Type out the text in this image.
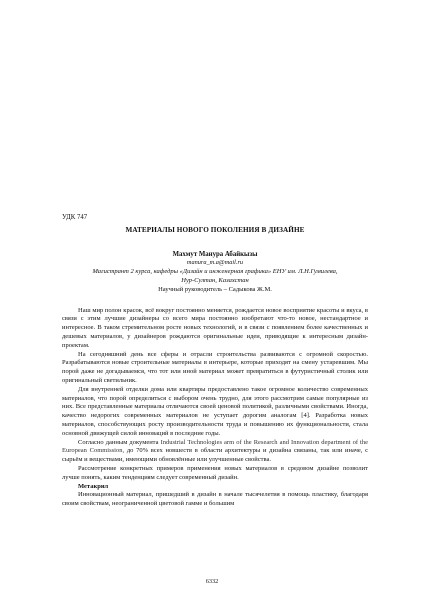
УДК 747

МАТЕРИАЛЫ НОВОГО ПОКОЛЕНИЯ В ДИЗАЙНЕ

Махмут Манура Абайкызы

manura_m.a@mail.ru

Магистрант 2 курса, кафедры «Дизайн и инженерная графика» ЕНУ им. Л.Н.Гумилева,

Нур-Султан, Казахстан

Научный руководитель – Садыкова Ж.М.

Наш мир полон красок, всё вокруг постоянно меняется, рождается новое восприятие красоты и вкуса, в связи с этим лучшие дизайнеры со всего мира постоянно изобретают что-то новое, нестандартное и интересное. В таком стремительном росте новых технологий, и в связи с появлением более качественных и дешевых материалов, у дизайнеров рождаются оригинальные идеи, приводящие к интересным дизайн-проектам.

На сегодняшний день все сферы и отрасли строительства развиваются с огромной скоростью. Разрабатываются новые строительные материалы в интерьере, которые приходят на смену устаревшим. Мы порой даже не догадываемся, что тот или иной материал может превратиться в футуристичный столик или оригинальный светильник.

Для внутренней отделки дома или квартиры предоставлено такое огромное количество современных материалов, что порой определиться с выбором очень трудно, для этого рассмотрим самые популярные из них. Все представленные материалы отличаются своей ценовой политикой, различными свойствами. Иногда, качество недорогих современных материалов не уступает дорогим аналогам [4]. Разработка новых материалов, способствующих росту производительности труда и повышению их функциональности, стала основной движущей силой инноваций в последние годы.

Согласно данным документа Industrial Technologies arm of the Research and Innovation department of the European Commission, до 70% всех новшеств в области архитектуры и дизайна связаны, так или иначе, с сырьём и веществами, имеющими обновлённые или улучшенные свойства.

Рассмотрение конкретных примеров применения новых материалов в средовом дизайне позволит лучше понять, каким тенденциям следует современный дизайн.

Метакрил

Инновационный материал, пришедший в дизайн в начале тысячелетия в помощь пластику, благодаря своим свойствам, неограниченной цветовой гамме и большим

6332
